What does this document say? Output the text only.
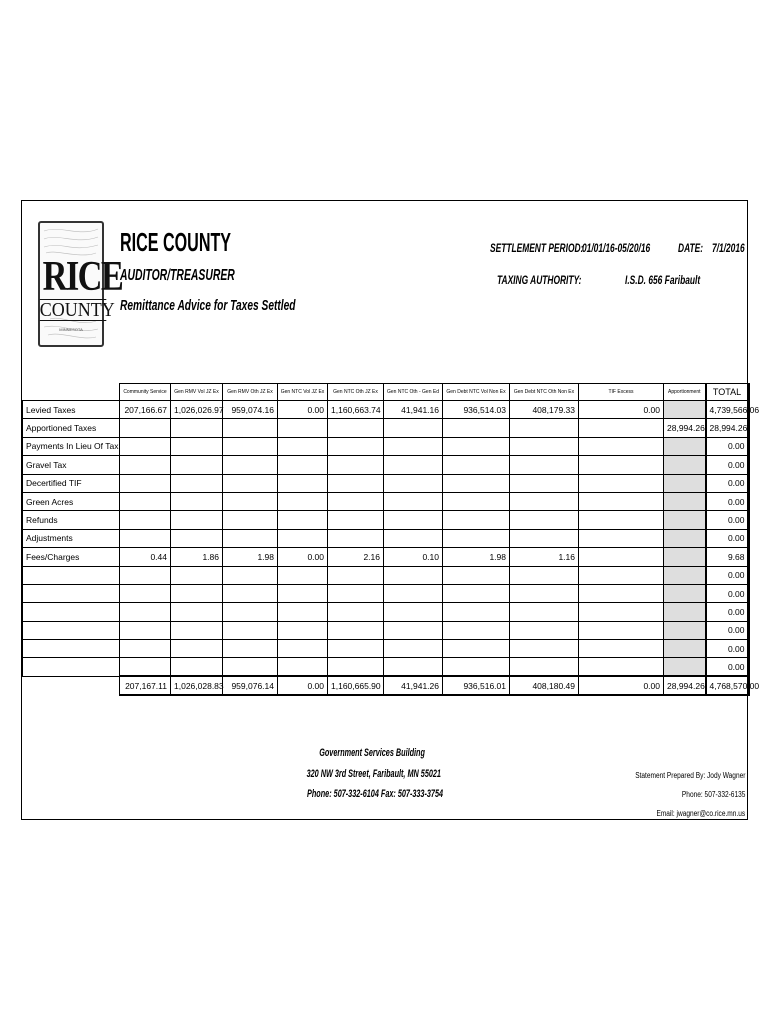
RICE
COUNTY
MINNESOTA
RICE COUNTY
AUDITOR/TREASURER
Remittance Advice for Taxes Settled
SETTLEMENT PERIOD:
01/01/16-05/20/16 DATE: 7/1/2016
TAXING AUTHORITY:	I.S.D. 656 Faribault
	Community Service	Gen RMV Vol JZ Ex	Gen RMV Oth JZ Ex	Gen NTC Vol JZ Ex	Gen NTC Oth JZ Ex	Gen NTC Oth - Gen Ed	Gen Debt NTC Vol Non Ex	Gen Debt NTC Oth Non Ex	TIF Excess	Apportionment	TOTAL
Levied Taxes	207,166.67	1,026,026.97	959,074.16	0.00	1,160,663.74	41,941.16	936,514.03	408,179.33	0.00		4,739,566.06
Apportioned Taxes										28,994.26	28,994.26
Payments In Lieu Of Tax											0.00
Gravel Tax											0.00
Decertified TIF											0.00
Green Acres											0.00
Refunds											0.00
Adjustments											0.00
Fees/Charges	0.44	1.86	1.98	0.00	2.16	0.10	1.98	1.16			9.68
											0.00
											0.00
											0.00
											0.00
											0.00
											0.00
	207,167.11	1,026,028.83	959,076.14	0.00	1,160,665.90	41,941.26	936,516.01	408,180.49	0.00	28,994.26	4,768,570.00
Government Services Building
320 NW 3rd Street, Faribault, MN 55021
Phone: 507-332-6104 Fax: 507-333-3754
Statement Prepared By: Jody Wagner
Phone: 507-332-6135
Email: jwagner@co.rice.mn.us
